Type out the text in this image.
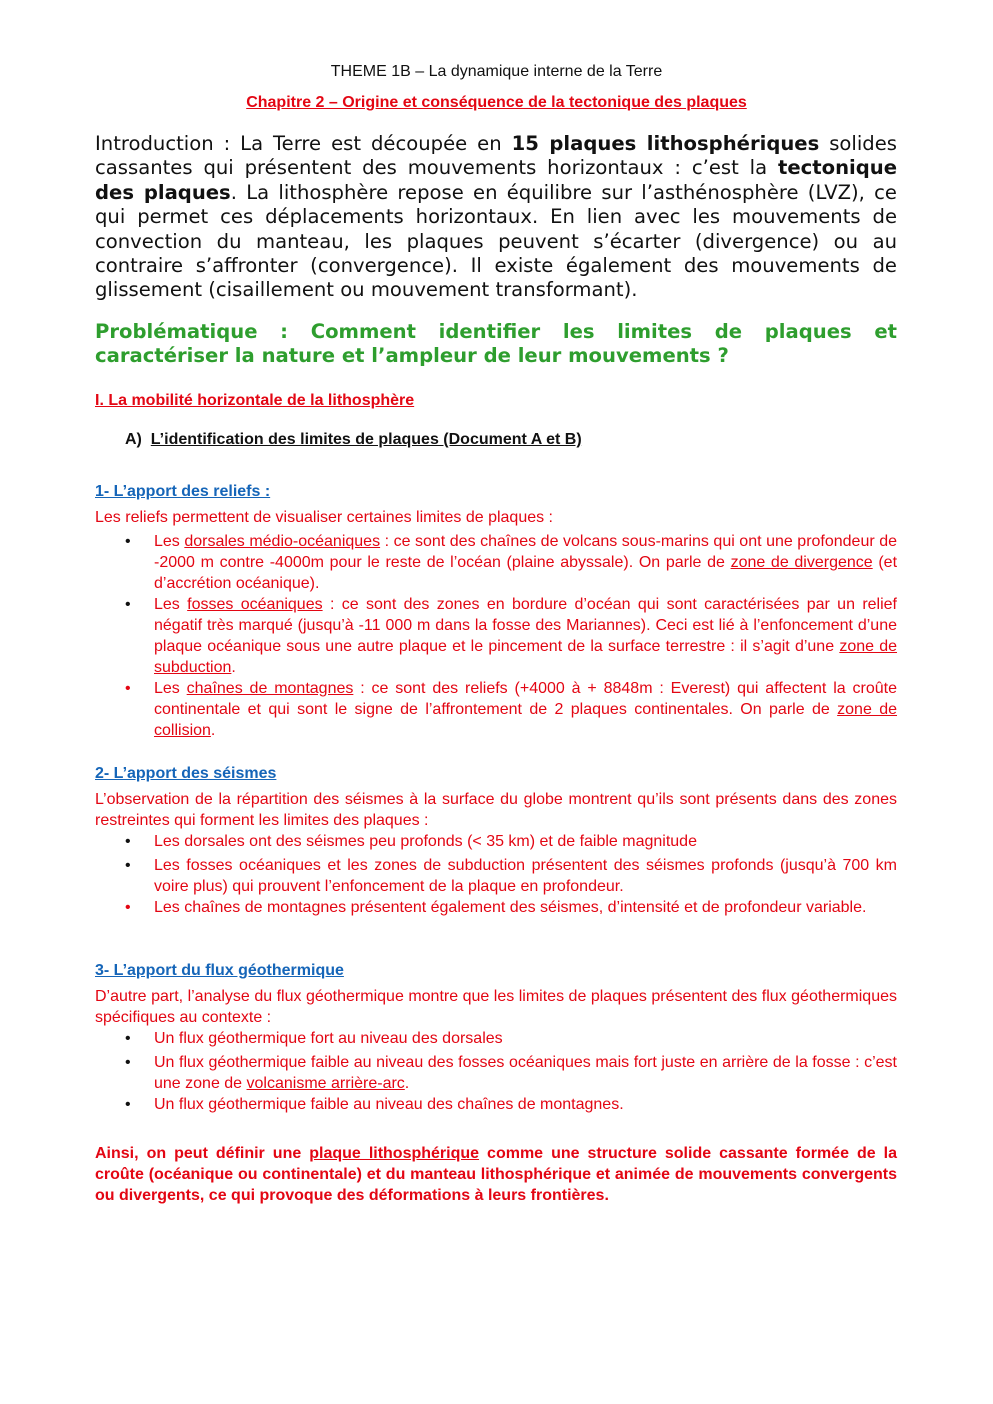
THEME 1B – La dynamique interne de la Terre
Chapitre 2 – Origine et conséquence de la tectonique des plaques
Introduction : La Terre est découpée en 15 plaques lithosphériques solides cassantes qui présentent des mouvements horizontaux : c’est la tectonique des plaques. La lithosphère repose en équilibre sur l’asthénosphère (LVZ), ce qui permet ces déplacements horizontaux. En lien avec les mouvements de convection du manteau, les plaques peuvent s’écarter (divergence) ou au contraire s’affronter (convergence). Il existe également des mouvements de glissement (cisaillement ou mouvement transformant).
Problématique : Comment identifier les limites de plaques et caractériser la nature et l’ampleur de leur mouvements ?
I. La mobilité horizontale de la lithosphère
A) L’identification des limites de plaques (Document A et B)
1- L’apport des reliefs :
Les reliefs permettent de visualiser certaines limites de plaques :
• Les dorsales médio-océaniques : ce sont des chaînes de volcans sous-marins qui ont une profondeur de -2000 m contre -4000m pour le reste de l’océan (plaine abyssale). On parle de zone de divergence (et d’accrétion océanique).
• Les fosses océaniques : ce sont des zones en bordure d’océan qui sont caractérisées par un relief négatif très marqué (jusqu’à -11 000 m dans la fosse des Mariannes). Ceci est lié à l’enfoncement d’une plaque océanique sous une autre plaque et le pincement de la surface terrestre : il s’agit d’une zone de subduction.
• Les chaînes de montagnes : ce sont des reliefs (+4000 à + 8848m : Everest) qui affectent la croûte continentale et qui sont le signe de l’affrontement de 2 plaques continentales. On parle de zone de collision.
2- L’apport des séismes
L’observation de la répartition des séismes à la surface du globe montrent qu’ils sont présents dans des zones restreintes qui forment les limites des plaques :
• Les dorsales ont des séismes peu profonds (< 35 km) et de faible magnitude
• Les fosses océaniques et les zones de subduction présentent des séismes profonds (jusqu’à 700 km voire plus) qui prouvent l’enfoncement de la plaque en profondeur.
• Les chaînes de montagnes présentent également des séismes, d’intensité et de profondeur variable.
3- L’apport du flux géothermique
D’autre part, l’analyse du flux géothermique montre que les limites de plaques présentent des flux géothermiques spécifiques au contexte :
• Un flux géothermique fort au niveau des dorsales
• Un flux géothermique faible au niveau des fosses océaniques mais fort juste en arrière de la fosse : c’est une zone de volcanisme arrière-arc.
• Un flux géothermique faible au niveau des chaînes de montagnes.
Ainsi, on peut définir une plaque lithosphérique comme une structure solide cassante formée de la croûte (océanique ou continentale) et du manteau lithosphérique et animée de mouvements convergents ou divergents, ce qui provoque des déformations à leurs frontières.
